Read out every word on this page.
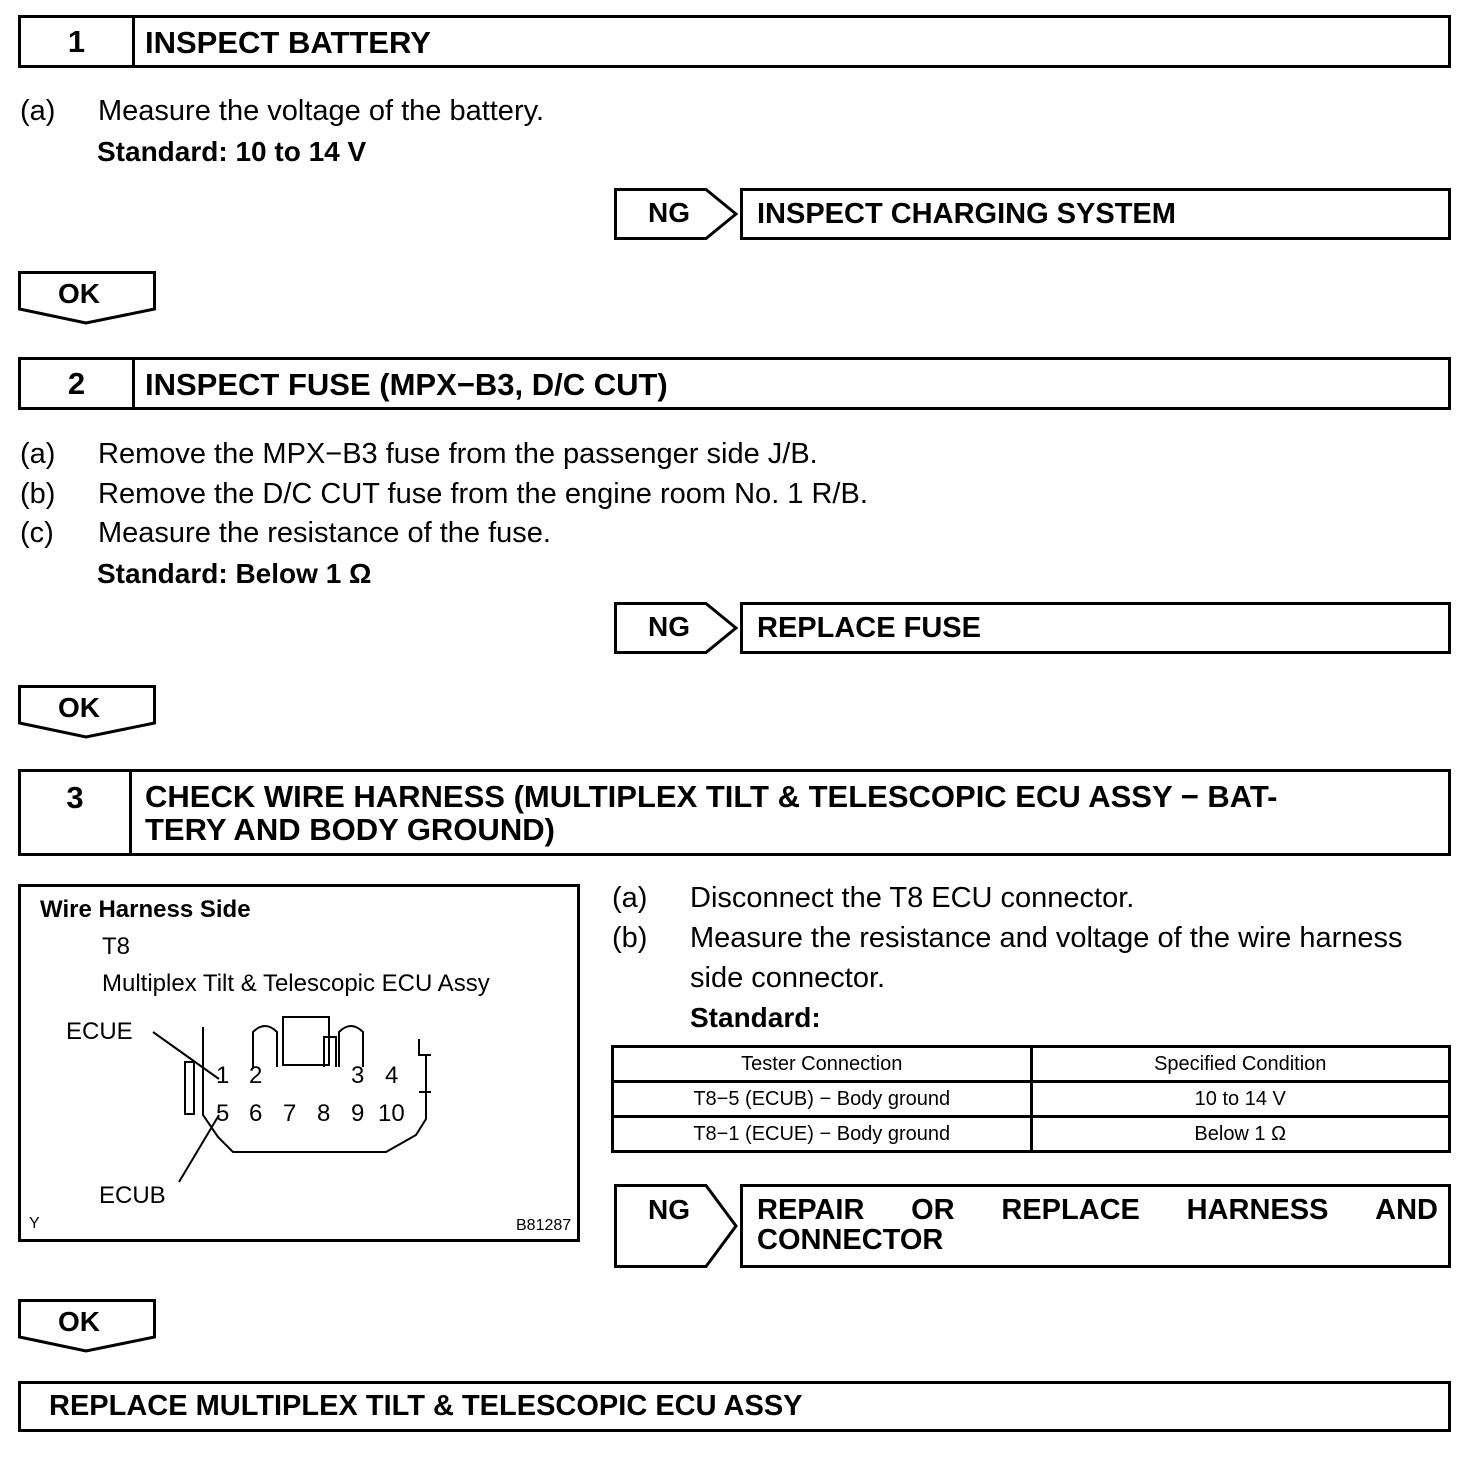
1	INSPECT BATTERY
(a) Measure the voltage of the battery.
Standard: 10 to 14 V
NG	INSPECT CHARGING SYSTEM
OK
2	INSPECT FUSE (MPX−B3, D/C CUT)
(a) Remove the MPX−B3 fuse from the passenger side J/B.
(b) Remove the D/C CUT fuse from the engine room No. 1 R/B.
(c) Measure the resistance of the fuse.
Standard: Below 1 Ω
NG	REPLACE FUSE
OK
3	CHECK WIRE HARNESS (MULTIPLEX TILT & TELESCOPIC ECU ASSY − BAT-
TERY AND BODY GROUND)
Wire Harness Side
T8
Multiplex Tilt & Telescopic ECU Assy
ECUE
ECUB
Y	B81287
1 2	3 4
5 6 7 8 9 10
(a) Disconnect the T8 ECU connector.
(b) Measure the resistance and voltage of the wire harness
side connector.
Standard:
Tester Connection	Specified Condition
T8−5 (ECUB) − Body ground	10 to 14 V
T8−1 (ECUE) − Body ground	Below 1 Ω
NG REPAIR OR REPLACE HARNESS AND
CONNECTOR
OK
REPLACE MULTIPLEX TILT & TELESCOPIC ECU ASSY
